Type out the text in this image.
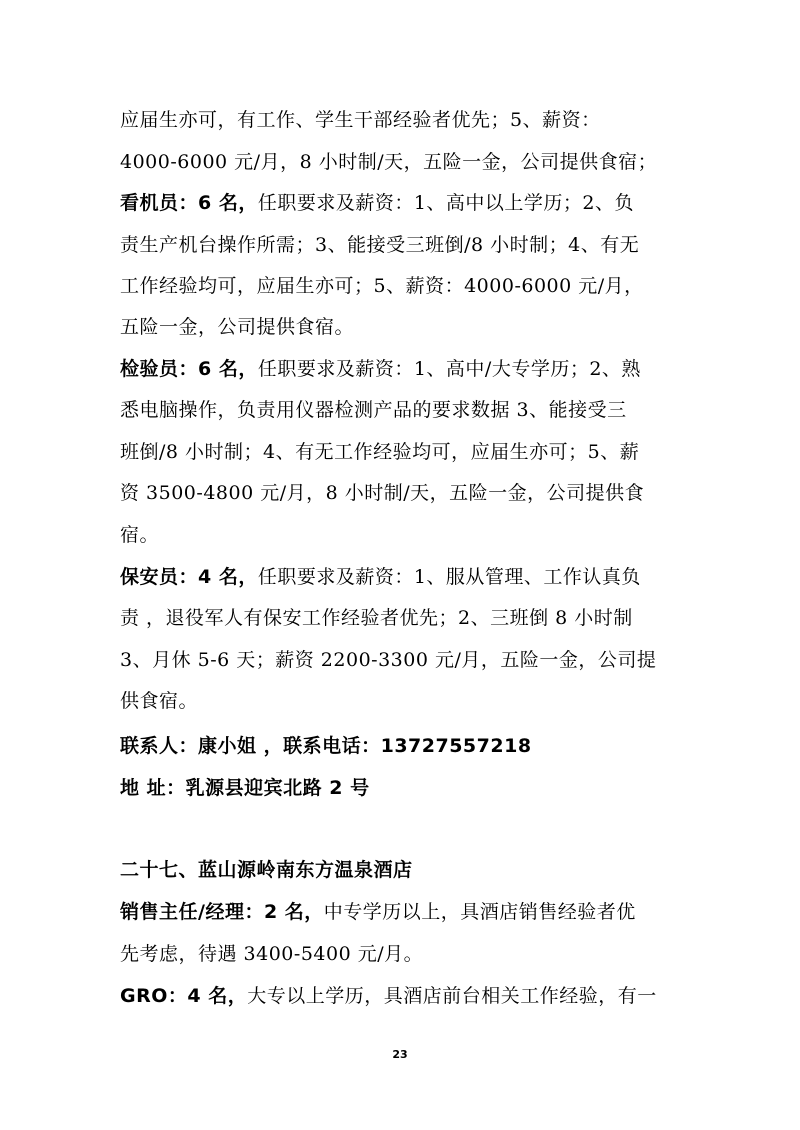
应届生亦可，有工作、学生干部经验者优先；5、薪资：
4000-6000 元/月，8 小时制/天，五险一金，公司提供食宿；
看机员：6 名，任职要求及薪资：1、高中以上学历；2、负
责生产机台操作所需；3、能接受三班倒/8 小时制；4、有无
工作经验均可，应届生亦可；5、薪资：4000-6000 元/月，
五险一金，公司提供食宿。
检验员：6 名，任职要求及薪资：1、高中/大专学历；2、熟
悉电脑操作，负责用仪器检测产品的要求数据 3、能接受三
班倒/8 小时制；4、有无工作经验均可，应届生亦可；5、薪
资 3500-4800 元/月，8 小时制/天，五险一金，公司提供食
宿。
保安员：4 名，任职要求及薪资：1、服从管理、工作认真负
责 ，退役军人有保安工作经验者优先；2、三班倒 8 小时制
3、月休 5-6 天；薪资 2200-3300 元/月，五险一金，公司提
供食宿。
联系人：康小姐 ，联系电话：13727557218
地 址：乳源县迎宾北路 2 号
二十七、蓝山源岭南东方温泉酒店
销售主任/经理：2 名，中专学历以上，具酒店销售经验者优
先考虑，待遇 3400-5400 元/月。
GRO：4 名，大专以上学历，具酒店前台相关工作经验，有一
23
